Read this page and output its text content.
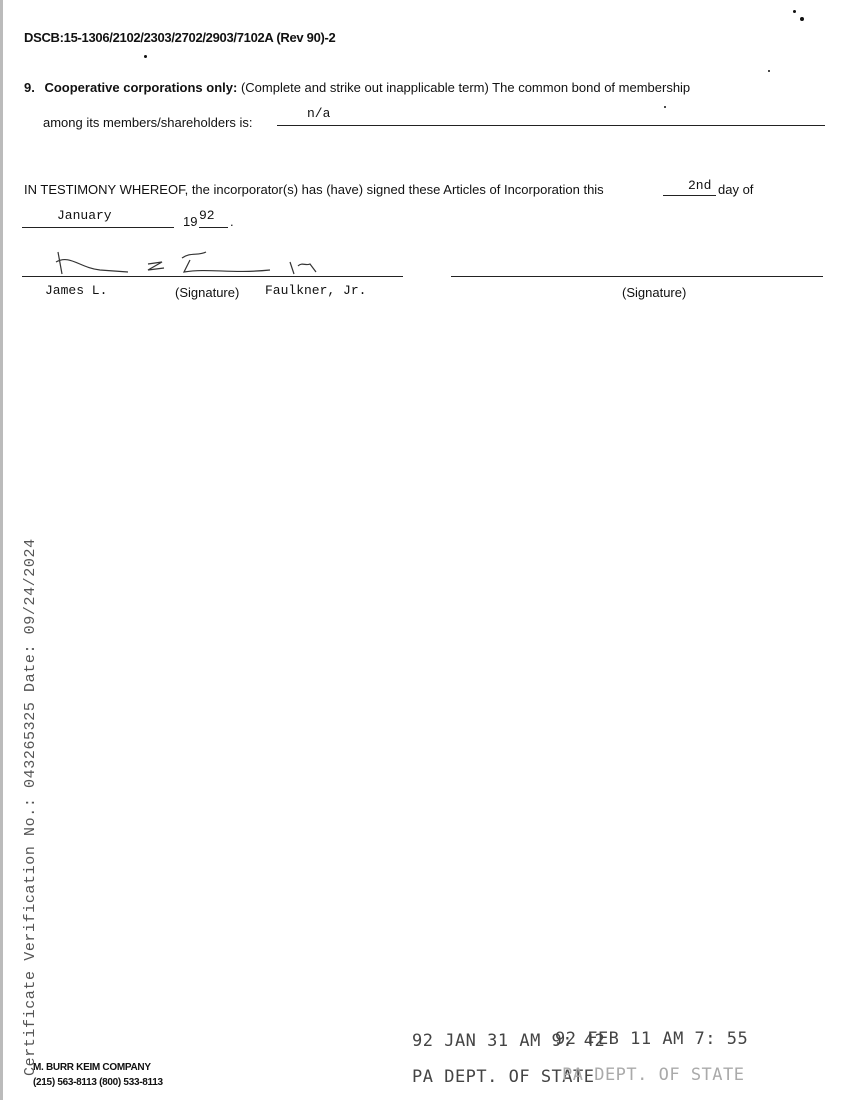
DSCB:15-1306/2102/2303/2702/2903/7102A (Rev 90)-2
9. Cooperative corporations only: (Complete and strike out inapplicable term) The common bond of membership
among its members/shareholders is:
n/a
IN TESTIMONY WHEREOF, the incorporator(s) has (have) signed these Articles of Incorporation this	2nd day of
January	19 92 .
James L.	(Signature) Faulkner, Jr.	(Signature)
Certificate Verification No.: 043265325 Date: 09/24/2024	92 JAN 31 AM 9: 42
92 FEB 11 AM 7: 55
PA DEPT. OF STATE
PA DEPT. OF STATE
M. BURR KEIM COMPANY
(215) 563-8113 (800) 533-8113
